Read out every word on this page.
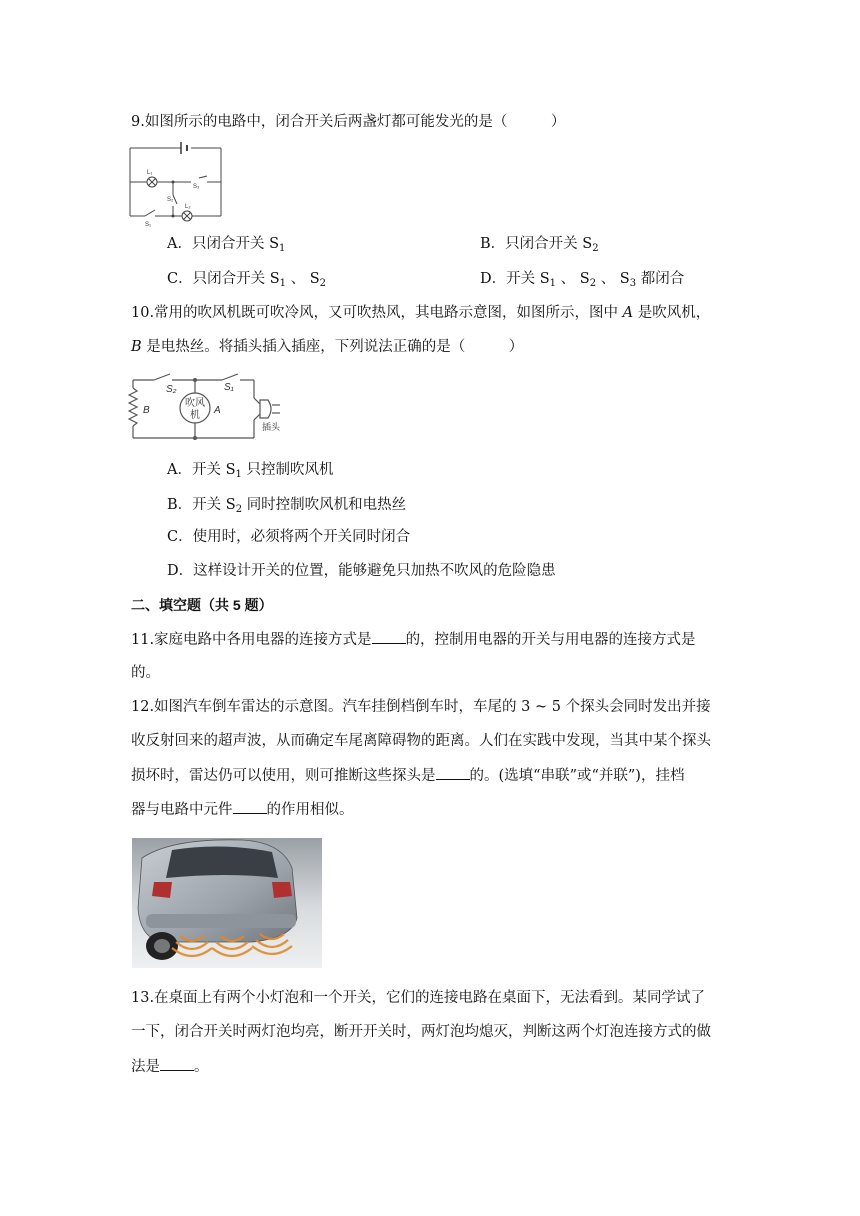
9.如图所示的电路中，闭合开关后两盏灯都可能发光的是（　　　）
L₁
L₂
S₃
S₂
S₁
A．只闭合开关 $S_1$	B．只闭合开关 $S_2$
C．只闭合开关 $S_1$ 、 $S_2$	D．开关 $S_1$ 、 $S_2$ 、 $S_3$ 都闭合
10.常用的吹风机既可吹冷风，又可吹热风，其电路示意图，如图所示，图中 A 是吹风机，
B 是电热丝。将插头插入插座，下列说法正确的是（　　　）
吹风
机
S₂	S₁
B	A
插头
A．开关 $S_1$ 只控制吹风机
B．开关 $S_2$ 同时控制吹风机和电热丝
C．使用时，必须将两个开关同时闭合
D．这样设计开关的位置，能够避免只加热不吹风的危险隐患
二、填空题（共 5 题）
11.家庭电路中各用电器的连接方式是 的，控制用电器的开关与用电器的连接方式是
的。
12.如图汽车倒车雷达的示意图。汽车挂倒档倒车时，车尾的 3 ~ 5 个探头会同时发出并接
收反射回来的超声波，从而确定车尾离障碍物的距离。人们在实践中发现，当其中某个探头
损坏时，雷达仍可以使用，则可推断这些探头是 的。(选填“串联”或“并联”)，挂档
器与电路中元件 的作用相似。
13.在桌面上有两个小灯泡和一个开关，它们的连接电路在桌面下，无法看到。某同学试了
一下，闭合开关时两灯泡均亮，断开开关时，两灯泡均熄灭，判断这两个灯泡连接方式的做
法是 。
